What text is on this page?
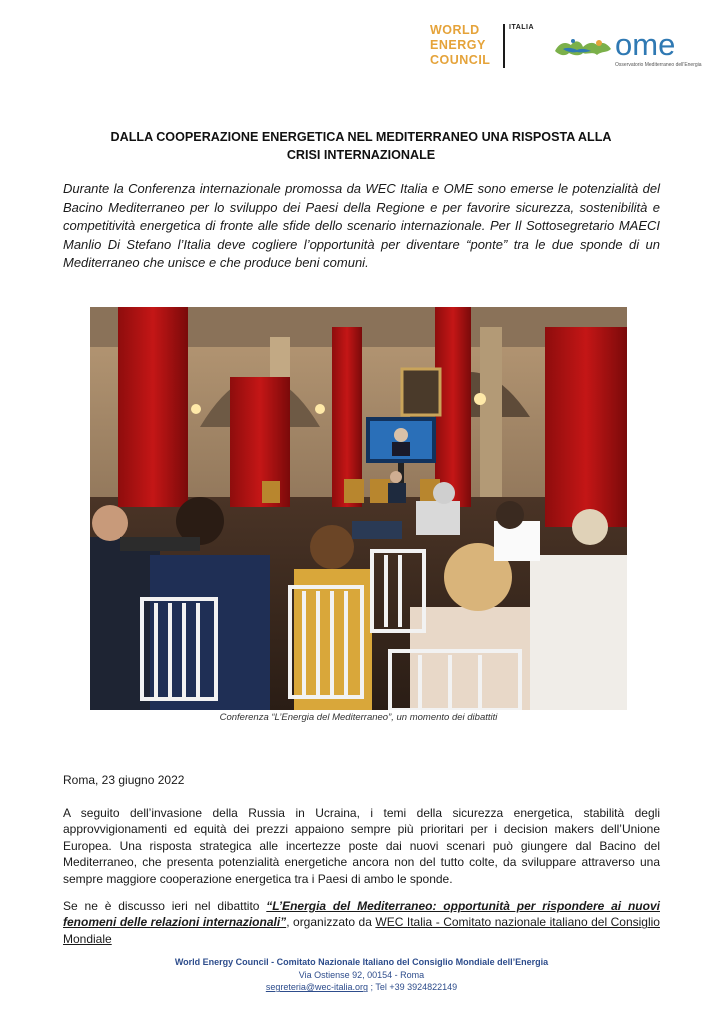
WORLD
ENERGY
COUNCIL
ITALIA	ome
Osservatorio Mediterraneo dell'Energia
DALLA COOPERAZIONE ENERGETICA NEL MEDITERRANEO UNA RISPOSTA ALLA CRISI INTERNAZIONALE
Durante la Conferenza internazionale promossa da WEC Italia e OME sono emerse le potenzialità del Bacino Mediterraneo per lo sviluppo dei Paesi della Regione e per favorire sicurezza, sostenibilità e competitività energetica di fronte alle sfide dello scenario internazionale. Per Il Sottosegretario MAECI Manlio Di Stefano l’Italia deve cogliere l’opportunità per diventare “ponte” tra le due sponde di un Mediterraneo che unisce e che produce beni comuni.
Conferenza “L’Energia del Mediterraneo”, un momento dei dibattiti
Roma, 23 giugno 2022
A seguito dell’invasione della Russia in Ucraina, i temi della sicurezza energetica, stabilità degli approvvigionamenti ed equità dei prezzi appaiono sempre più prioritari per i decision makers dell’Unione Europea. Una risposta strategica alle incertezze poste dai nuovi scenari può giungere dal Bacino del Mediterraneo, che presenta potenzialità energetiche ancora non del tutto colte, da sviluppare attraverso una sempre maggiore cooperazione energetica tra i Paesi di ambo le sponde.
Se ne è discusso ieri nel dibattito “L’Energia del Mediterraneo: opportunità per rispondere ai nuovi fenomeni delle relazioni internazionali”, organizzato da WEC Italia - Comitato nazionale italiano del Consiglio Mondiale
World Energy Council - Comitato Nazionale Italiano del Consiglio Mondiale dell’Energia
Via Ostiense 92, 00154 - Roma
segreteria@wec-italia.org ; Tel +39 3924822149
